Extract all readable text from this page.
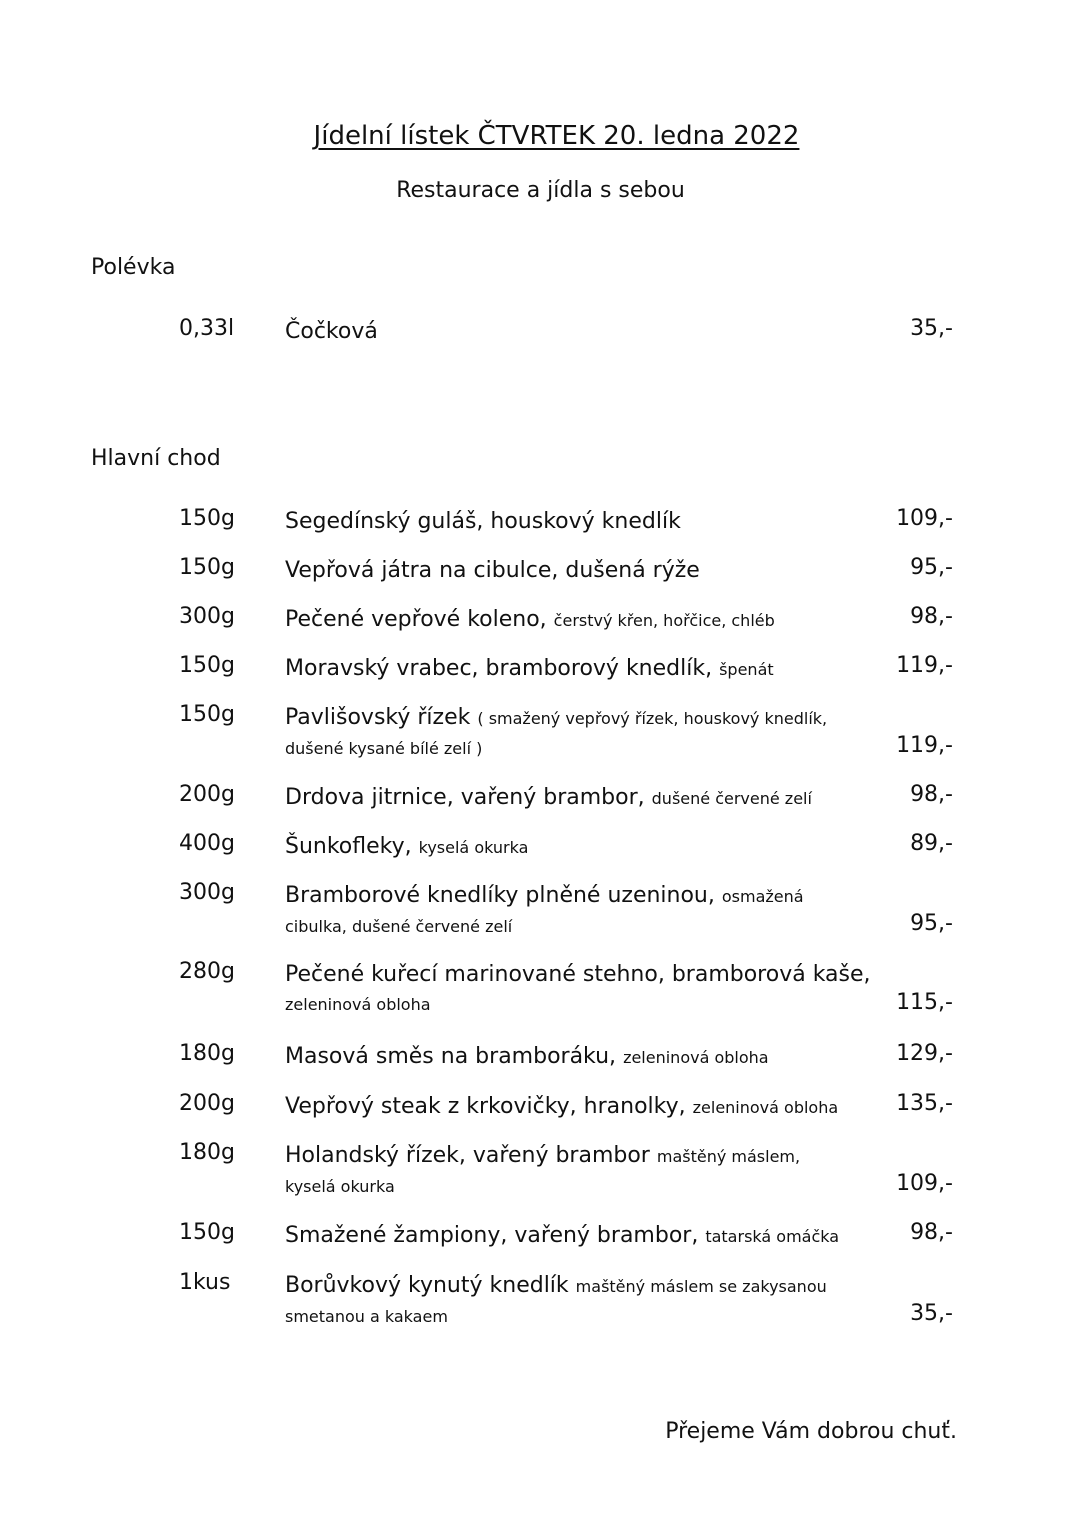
Jídelní lístek ČTVRTEK 20. ledna 2022
Restaurace a jídla s sebou
Polévka
0,33l Čočková	35,-
Hlavní chod
150g Segedínský guláš, houskový knedlík	109,-
150g Vepřová játra na cibulce, dušená rýže	95,-
300g Pečené vepřové koleno, čerstvý křen, hořčice, chléb	98,-
150g Moravský vrabec, bramborový knedlík, špenát	119,-
150g Pavlišovský řízek ( smažený vepřový řízek, houskový knedlík,
dušené kysané bílé zelí )	119,-
200g Drdova jitrnice, vařený brambor, dušené červené zelí	98,-
400g Šunkofleky, kyselá okurka	89,-
300g Bramborové knedlíky plněné uzeninou, osmažená
cibulka, dušené červené zelí	95,-
280g Pečené kuřecí marinované stehno, bramborová kaše,
zeleninová obloha	115,-
180g Masová směs na bramboráku, zeleninová obloha	129,-
200g Vepřový steak z krkovičky, hranolky, zeleninová obloha	135,-
180g Holandský řízek, vařený brambor maštěný máslem,
kyselá okurka	109,-
150g Smažené žampiony, vařený brambor, tatarská omáčka	98,-
1kus Borůvkový kynutý knedlík maštěný máslem se zakysanou
smetanou a kakaem	35,-
Přejeme Vám dobrou chuť.
